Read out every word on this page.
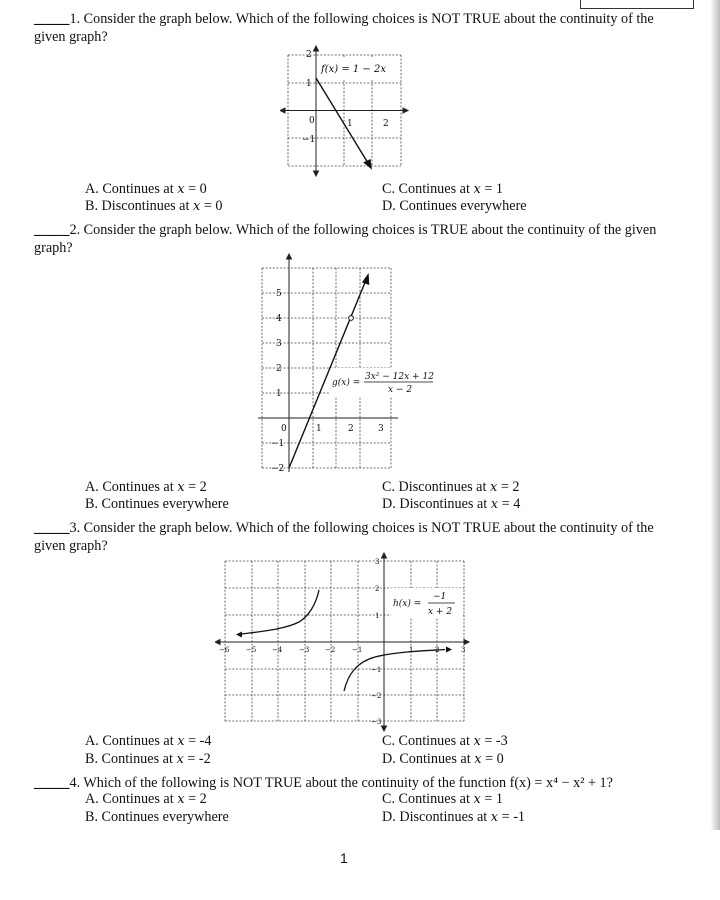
_____1. Consider the graph below. Which of the following choices is NOT TRUE about the continuity of the given graph?

f(x) = 1 − 2x
0	1	2
2
1
−1
A. Continues at x = 0
B. Discontinues at x = 0
C. Continues at x = 1
D. Continues everywhere

_____2. Consider the graph below. Which of the following choices is TRUE about the continuity of the given graph?

g(x) =
3x² − 12x + 12
x − 2
0	1	2	3
5
4
3
2
1
−1
−2
A. Continues at x = 2
B. Continues everywhere
C. Discontinues at x = 2
D. Discontinues at x = 4

_____3. Consider the graph below. Which of the following choices is NOT TRUE about the continuity of the given graph?

h(x) =
−1
x + 2
−6 −5 −4 −3 −2 −1	1	2	3
3
2
1
−1
−2
−3
A. Continues at x = -4
B. Continues at x = -2
C. Continues at x = -3
D. Continues at x = 0

_____4. Which of the following is NOT TRUE about the continuity of the function f(x) = x⁴ − x² + 1?

A. Continues at x = 2
B. Continues everywhere
C. Continues at x = 1
D. Discontinues at x = -1
1
